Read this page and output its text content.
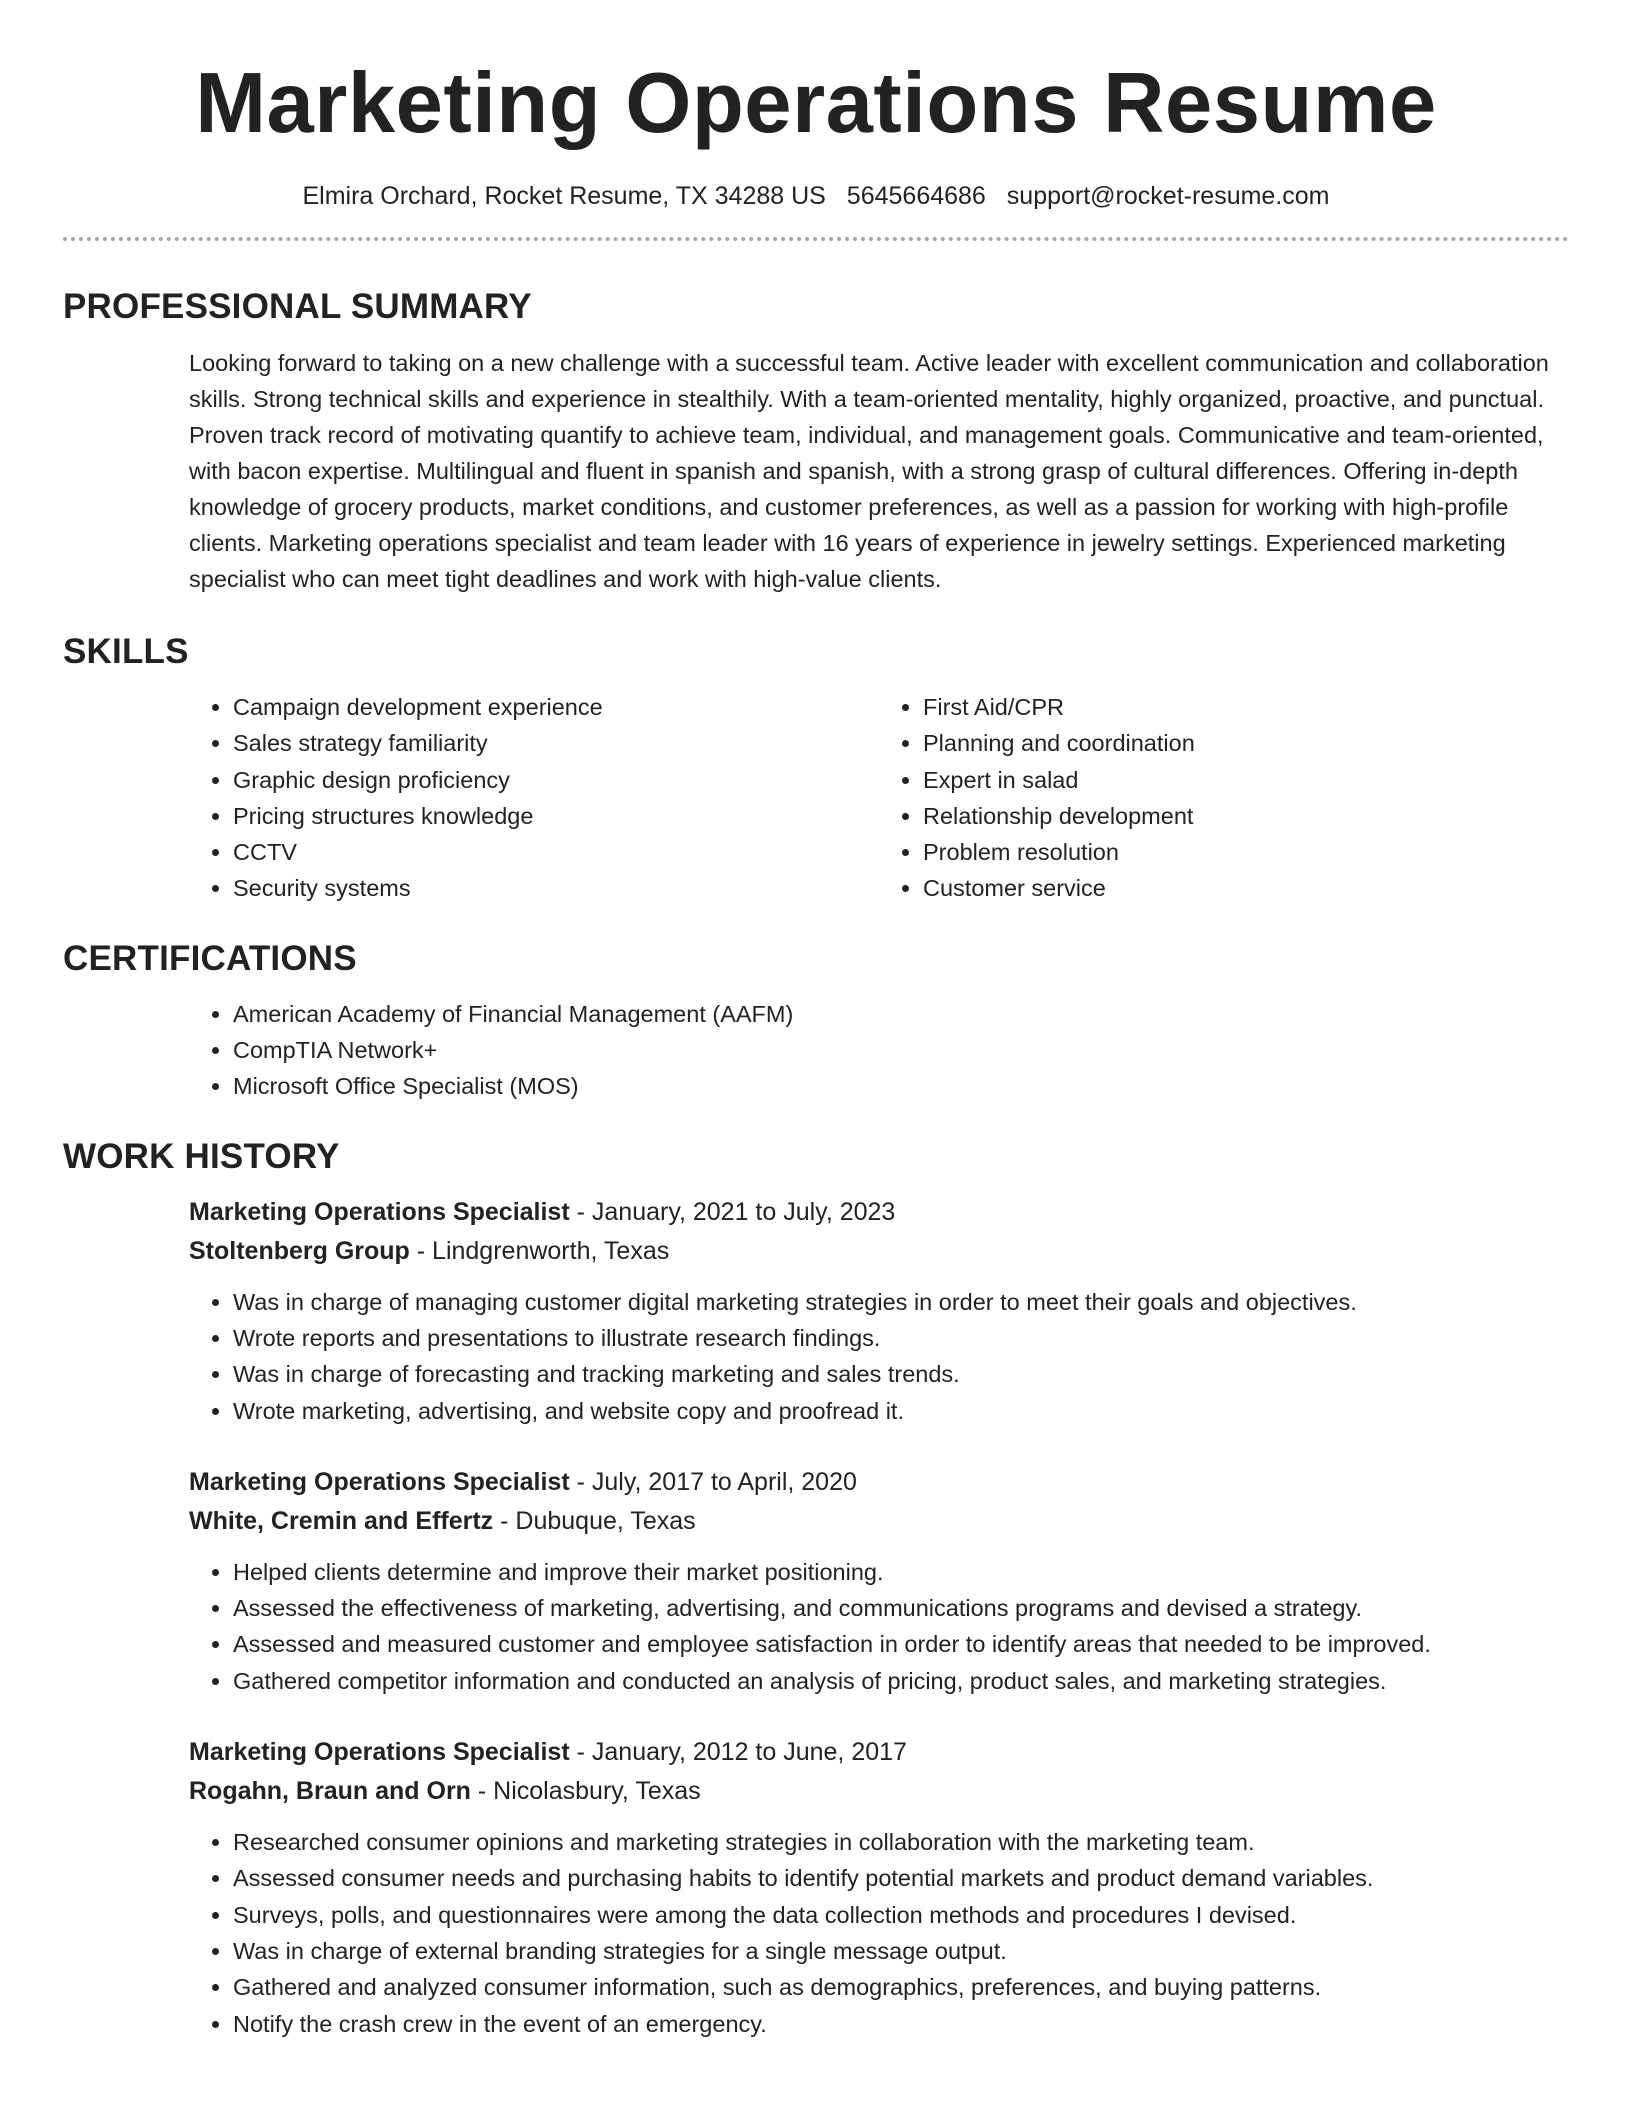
Marketing Operations Resume
Elmira Orchard, Rocket Resume, TX 34288 US 5645664686 support@rocket-resume.com
PROFESSIONAL SUMMARY

Looking forward to taking on a new challenge with a successful team. Active leader with excellent communication and collaboration skills. Strong technical skills and experience in stealthily. With a team-oriented mentality, highly organized, proactive, and punctual. Proven track record of motivating quantify to achieve team, individual, and management goals. Communicative and team-oriented, with bacon expertise. Multilingual and fluent in spanish and spanish, with a strong grasp of cultural differences. Offering in-depth knowledge of grocery products, market conditions, and customer preferences, as well as a passion for working with high-profile clients. Marketing operations specialist and team leader with 16 years of experience in jewelry settings. Experienced marketing specialist who can meet tight deadlines and work with high-value clients.

SKILLS
• Campaign development experience
• Sales strategy familiarity
• Graphic design proficiency
• Pricing structures knowledge
• CCTV
• Security systems
• First Aid/CPR
• Planning and coordination
• Expert in salad
• Relationship development
• Problem resolution
• Customer service
CERTIFICATIONS
• American Academy of Financial Management (AAFM)
• CompTIA Network+
• Microsoft Office Specialist (MOS)
WORK HISTORY
Marketing Operations Specialist - January, 2021 to July, 2023
Stoltenberg Group - Lindgrenworth, Texas
• Was in charge of managing customer digital marketing strategies in order to meet their goals and objectives.
• Wrote reports and presentations to illustrate research findings.
• Was in charge of forecasting and tracking marketing and sales trends.
• Wrote marketing, advertising, and website copy and proofread it.
Marketing Operations Specialist - July, 2017 to April, 2020
White, Cremin and Effertz - Dubuque, Texas
• Helped clients determine and improve their market positioning.
• Assessed the effectiveness of marketing, advertising, and communications programs and devised a strategy.
• Assessed and measured customer and employee satisfaction in order to identify areas that needed to be improved.
• Gathered competitor information and conducted an analysis of pricing, product sales, and marketing strategies.
Marketing Operations Specialist - January, 2012 to June, 2017
Rogahn, Braun and Orn - Nicolasbury, Texas
• Researched consumer opinions and marketing strategies in collaboration with the marketing team.
• Assessed consumer needs and purchasing habits to identify potential markets and product demand variables.
• Surveys, polls, and questionnaires were among the data collection methods and procedures I devised.
• Was in charge of external branding strategies for a single message output.
• Gathered and analyzed consumer information, such as demographics, preferences, and buying patterns.
• Notify the crash crew in the event of an emergency.
